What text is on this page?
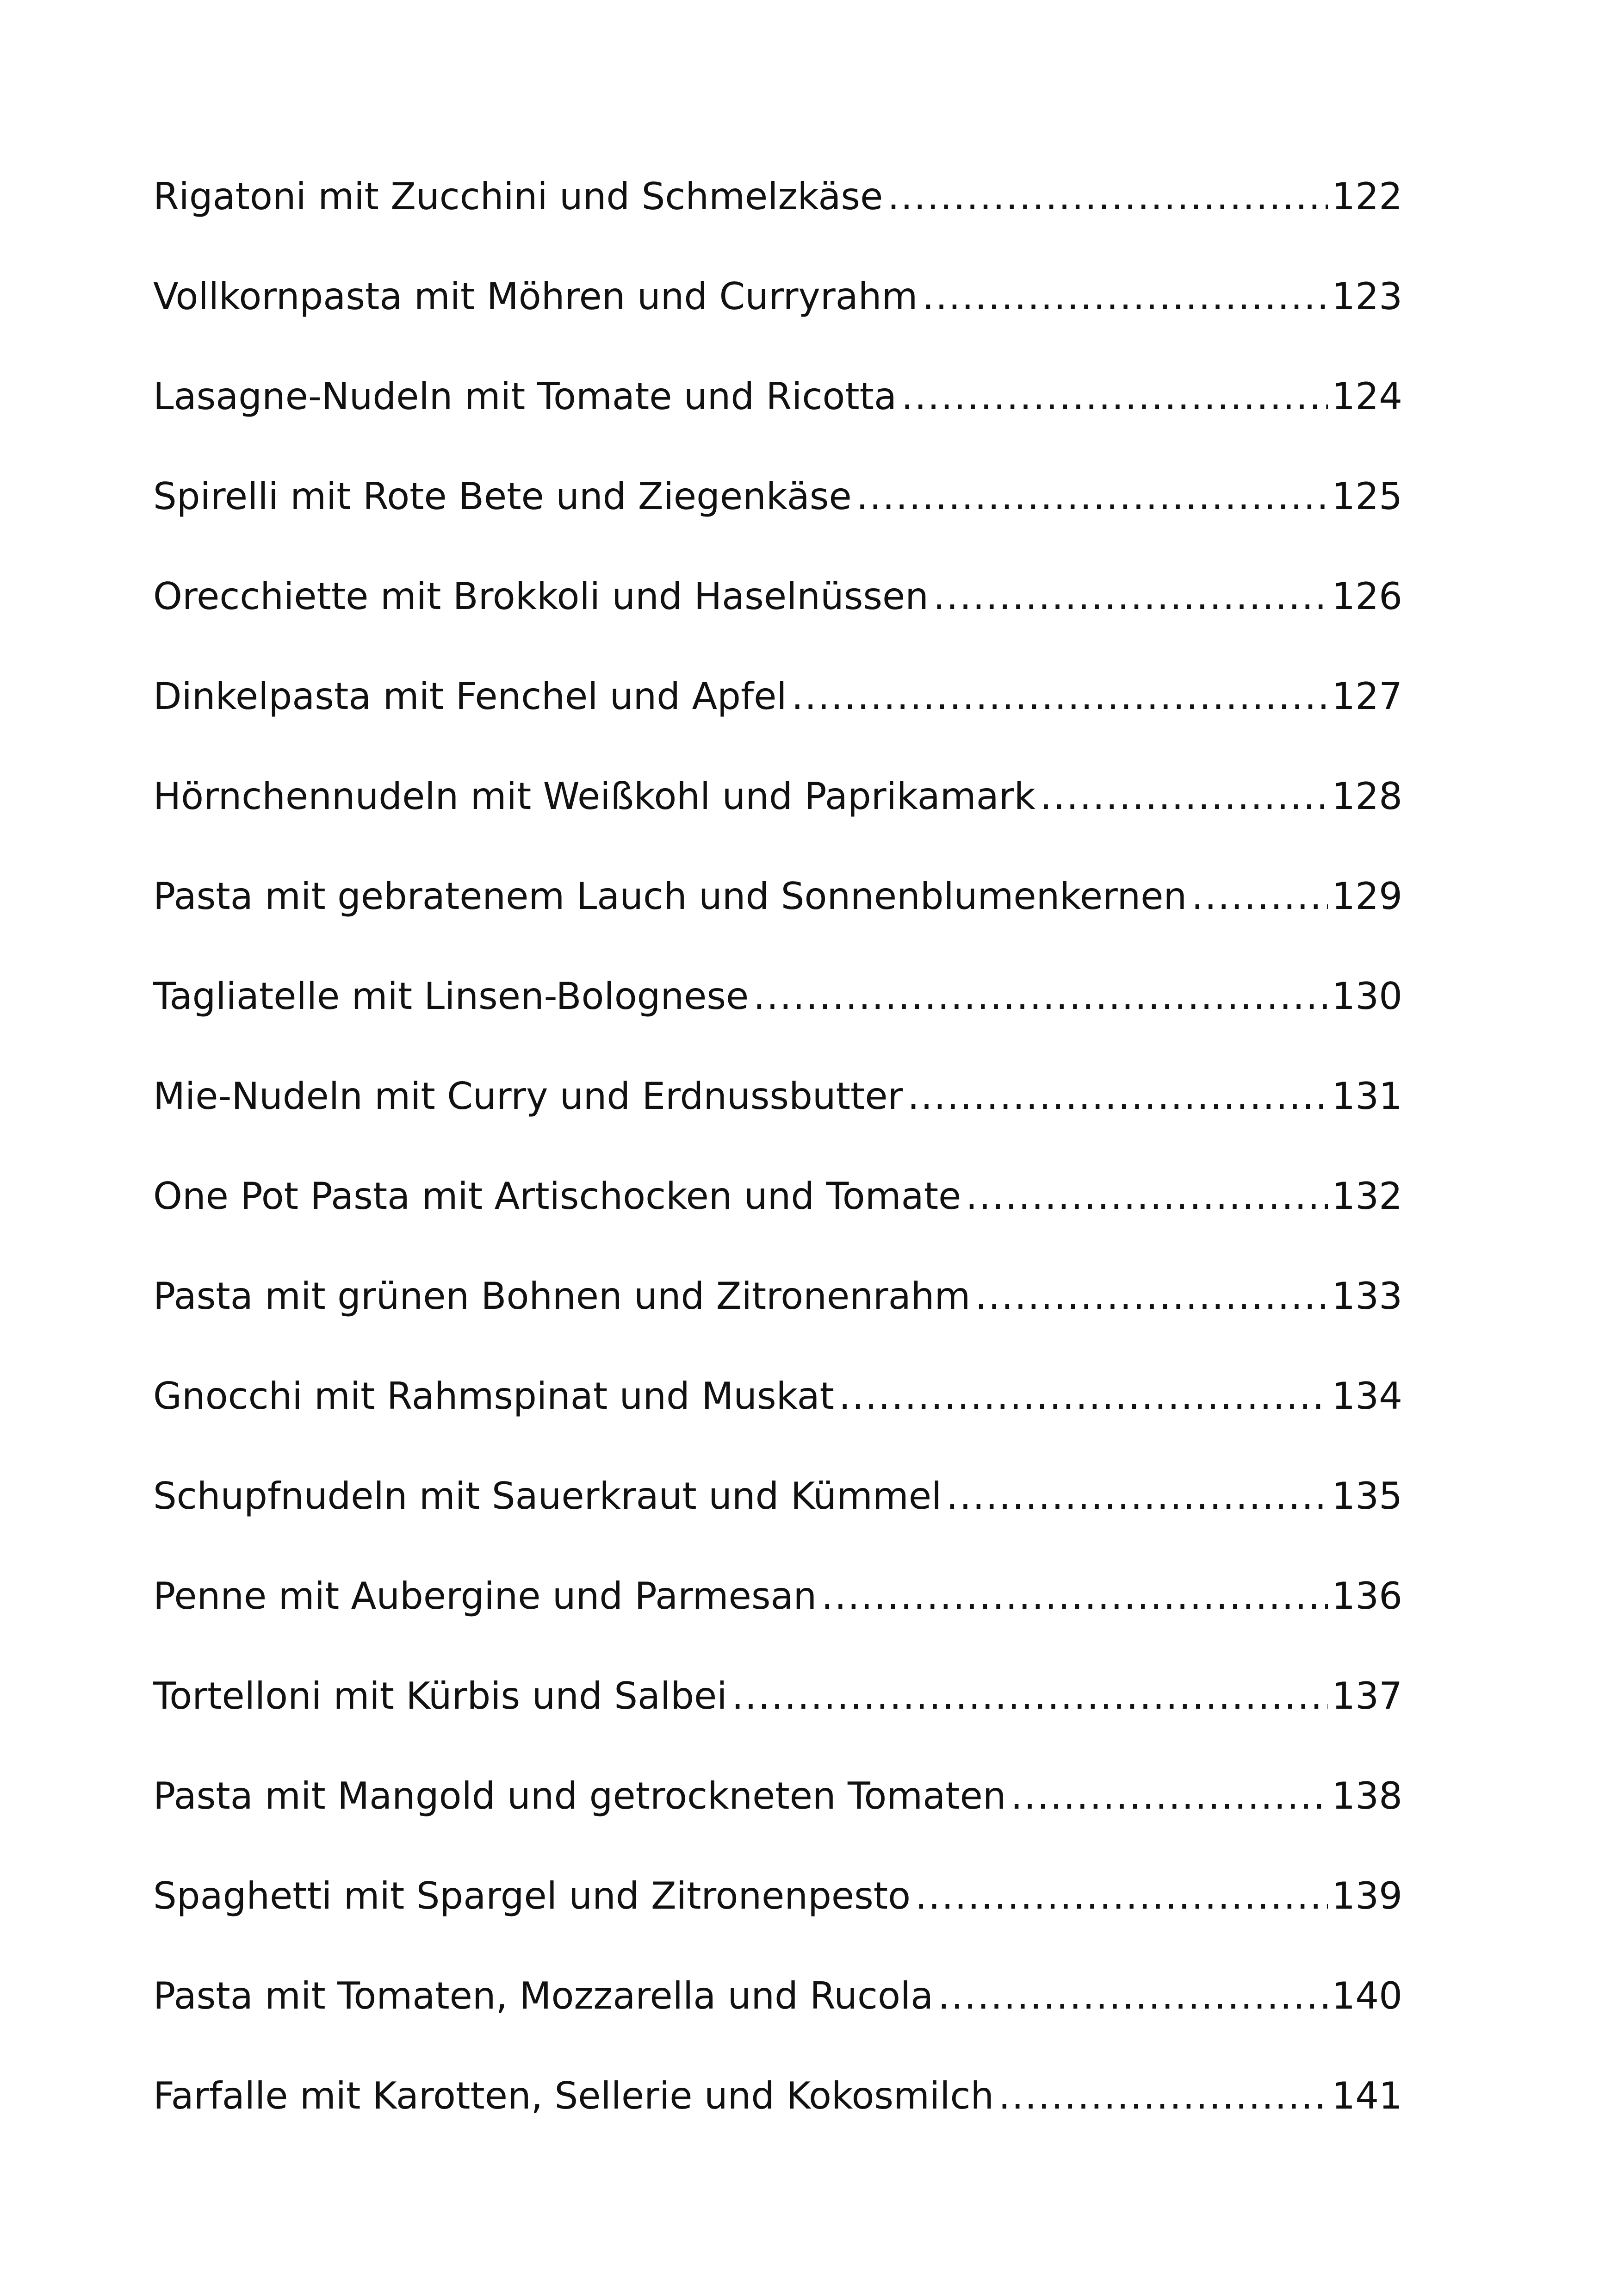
Rigatoni mit Zucchini und Schmelzkäse .....	122
Vollkornpasta mit Möhren und Curryrahm .....	123
Lasagne-Nudeln mit Tomate und Ricotta .....	124
Spirelli mit Rote Bete und Ziegenkäse .....	125
Orecchiette mit Brokkoli und Haselnüssen .....	126
Dinkelpasta mit Fenchel und Apfel .....	127
Hörnchennudeln mit Weißkohl und Paprikamark .....	128
Pasta mit gebratenem Lauch und Sonnenblumenkernen .....	129
Tagliatelle mit Linsen-Bolognese .....	130
Mie-Nudeln mit Curry und Erdnussbutter .....	131
One Pot Pasta mit Artischocken und Tomate .....	132
Pasta mit grünen Bohnen und Zitronenrahm .....	133
Gnocchi mit Rahmspinat und Muskat .....	134
Schupfnudeln mit Sauerkraut und Kümmel .....	135
Penne mit Aubergine und Parmesan .....	136
Tortelloni mit Kürbis und Salbei .....	137
Pasta mit Mangold und getrockneten Tomaten .....	138
Spaghetti mit Spargel und Zitronenpesto .....	139
Pasta mit Tomaten, Mozzarella und Rucola .....	140
Farfalle mit Karotten, Sellerie und Kokosmilch .....	141
